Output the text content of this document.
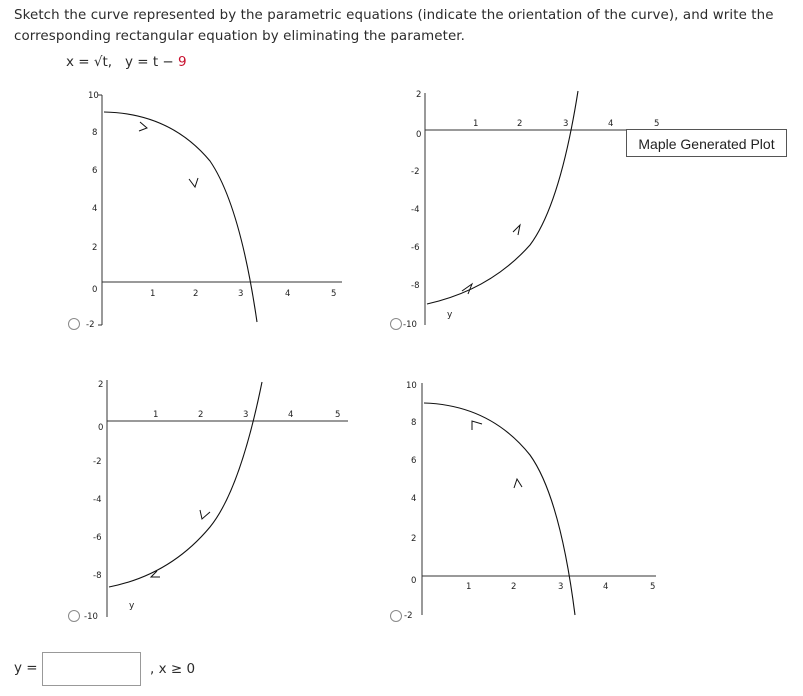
Sketch the curve represented by the parametric equations (indicate the orientation of the curve), and write the corresponding rectangular equation by eliminating the parameter.
x = √t, y = t − 9
1	2	3	4	5
10
8
6
4
2
0
-2
1	2	3	4	5
2
0
-2
-4
-6
-8
-10
y
Maple Generated Plot
1	2	3	4	5
2
0
-2
-4
-6
-8
-10
y
1	2	3	4	5
10
8
6
4
2
0
-2
y =	, x ≥ 0
